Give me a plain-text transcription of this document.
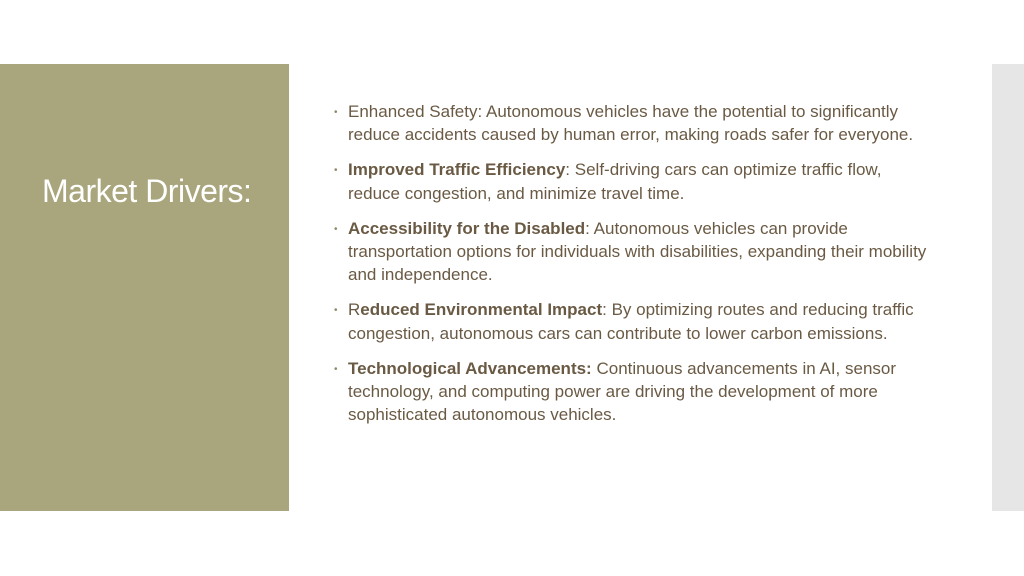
Market Drivers:
• Enhanced Safety: Autonomous vehicles have the potential to significantly reduce accidents caused by human error, making roads safer for everyone.
• Improved Traffic Efficiency: Self-driving cars can optimize traffic flow, reduce congestion, and minimize travel time.
• Accessibility for the Disabled: Autonomous vehicles can provide transportation options for individuals with disabilities, expanding their mobility and independence.
• Reduced Environmental Impact: By optimizing routes and reducing traffic congestion, autonomous cars can contribute to lower carbon emissions.
• Technological Advancements: Continuous advancements in AI, sensor technology, and computing power are driving the development of more sophisticated autonomous vehicles.
